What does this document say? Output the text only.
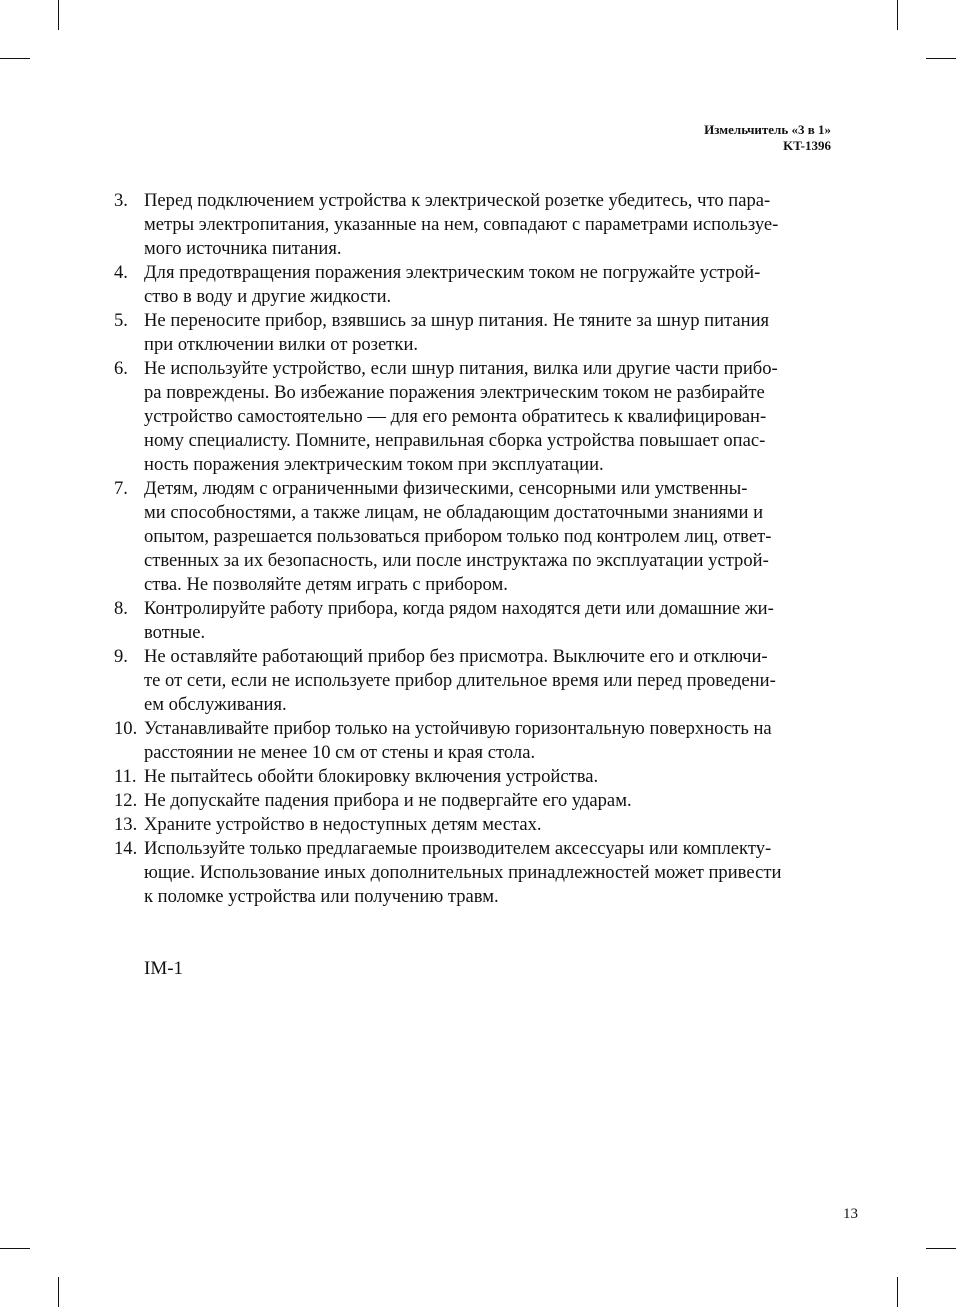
Измельчитель «3 в 1»
KT-1396
3. Перед подключением устройства к электрической розетке убедитесь, что пара-
метры электропитания, указанные на нем, совпадают с параметрами используе-
мого источника питания.
4. Для предотвращения поражения электрическим током не погружайте устрой-
ство в воду и другие жидкости.
5. Не переносите прибор, взявшись за шнур питания. Не тяните за шнур питания
при отключении вилки от розетки.
6. Не используйте устройство, если шнур питания, вилка или другие части прибо-
ра повреждены. Во избежание поражения электрическим током не разбирайте
устройство самостоятельно — для его ремонта обратитесь к квалифицирован-
ному специалисту. Помните, неправильная сборка устройства повышает опас-
ность поражения электрическим током при эксплуатации.
7. Детям, людям с ограниченными физическими, сенсорными или умственны-
ми способностями, а также лицам, не обладающим достаточными знаниями и
опытом, разрешается пользоваться прибором только под контролем лиц, ответ-
ственных за их безопасность, или после инструктажа по эксплуатации устрой-
ства. Не позволяйте детям играть с прибором.
8. Контролируйте работу прибора, когда рядом находятся дети или домашние жи-
вотные.
9. Не оставляйте работающий прибор без присмотра. Выключите его и отключи-
те от сети, если не используете прибор длительное время или перед проведени-
ем обслуживания.
10. Устанавливайте прибор только на устойчивую горизонтальную поверхность на
расстоянии не менее 10 см от стены и края стола.
11. Не пытайтесь обойти блокировку включения устройства.
12. Не допускайте падения прибора и не подвергайте его ударам.
13. Храните устройство в недоступных детям местах.
14. Используйте только предлагаемые производителем аксессуары или комплекту-
ющие. Использование иных дополнительных принадлежностей может привести
к поломке устройства или получению травм.
IM-1
13
